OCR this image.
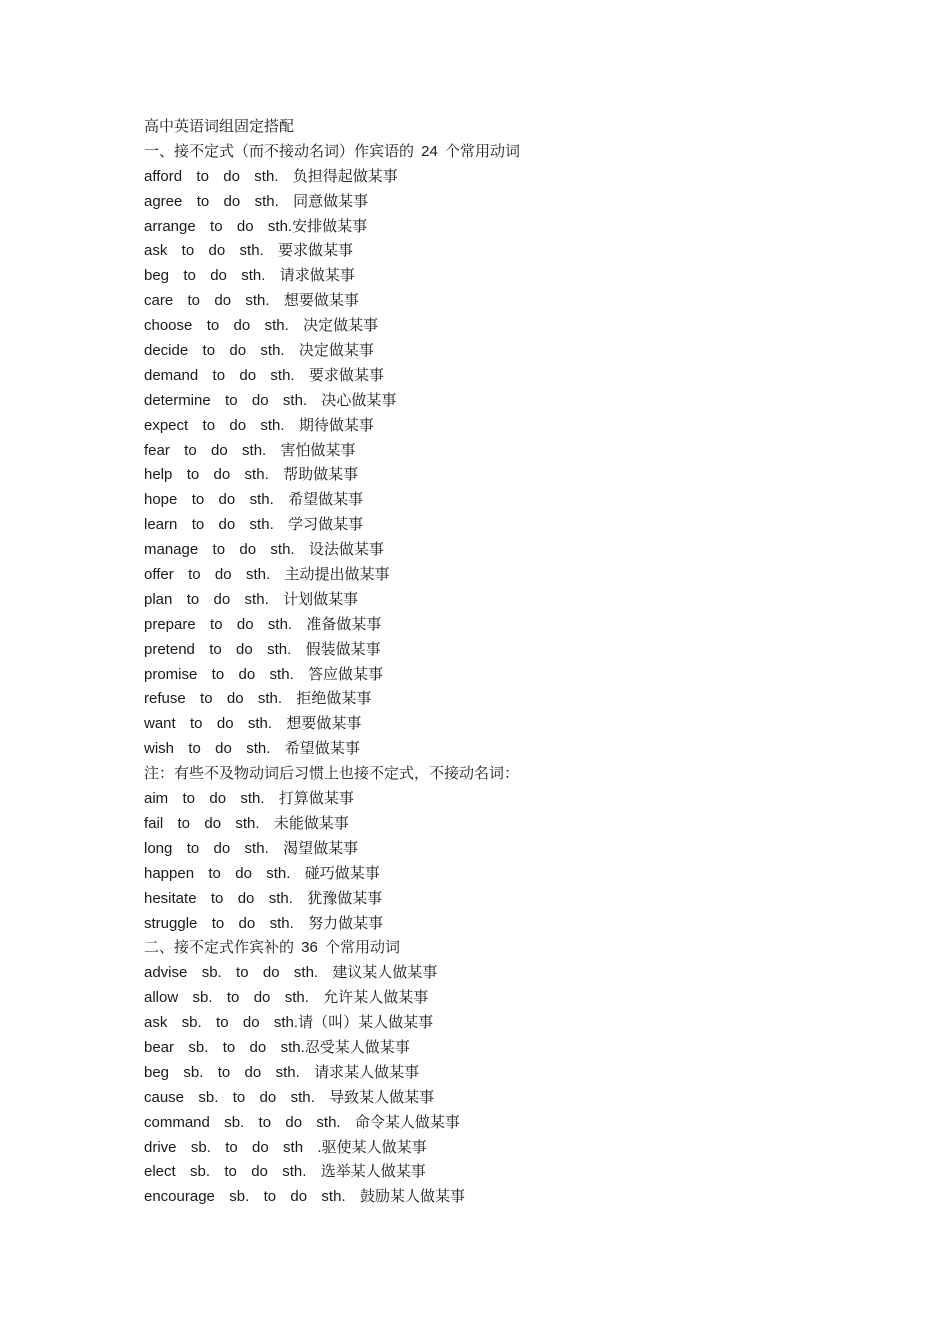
高中英语词组固定搭配
一、接不定式（而不接动名词）作宾语的 24 个常用动词
afford  to  do  sth.  负担得起做某事
agree  to  do  sth.  同意做某事
arrange  to  do  sth.安排做某事
ask  to  do  sth.  要求做某事
beg  to  do  sth.  请求做某事
care  to  do  sth.  想要做某事
choose  to  do  sth.  决定做某事
decide  to  do  sth.  决定做某事
demand  to  do  sth.  要求做某事
determine  to  do  sth.  决心做某事
expect  to  do  sth.  期待做某事
fear  to  do  sth.  害怕做某事
help  to  do  sth.  帮助做某事
hope  to  do  sth.  希望做某事
learn  to  do  sth.  学习做某事
manage  to  do  sth.  设法做某事
offer  to  do  sth.  主动提出做某事
plan  to  do  sth.  计划做某事
prepare  to  do  sth.  准备做某事
pretend  to  do  sth.  假装做某事
promise  to  do  sth.  答应做某事
refuse  to  do  sth.  拒绝做某事
want  to  do  sth.  想要做某事
wish  to  do  sth.  希望做某事
注：有些不及物动词后习惯上也接不定式，不接动名词：
aim  to  do  sth.  打算做某事
fail  to  do  sth.  未能做某事
long  to  do  sth.  渴望做某事
happen  to  do  sth.  碰巧做某事
hesitate  to  do  sth.  犹豫做某事
struggle  to  do  sth.  努力做某事
二、接不定式作宾补的 36 个常用动词
advise  sb.  to  do  sth.  建议某人做某事
allow  sb.  to  do  sth.  允许某人做某事
ask  sb.  to  do  sth.请（叫）某人做某事
bear  sb.  to  do  sth.忍受某人做某事
beg  sb.  to  do  sth.  请求某人做某事
cause  sb.  to  do  sth.  导致某人做某事
command  sb.  to  do  sth.  命令某人做某事
drive  sb.  to  do  sth  .驱使某人做某事
elect  sb.  to  do  sth.  选举某人做某事
encourage  sb.  to  do  sth.  鼓励某人做某事
